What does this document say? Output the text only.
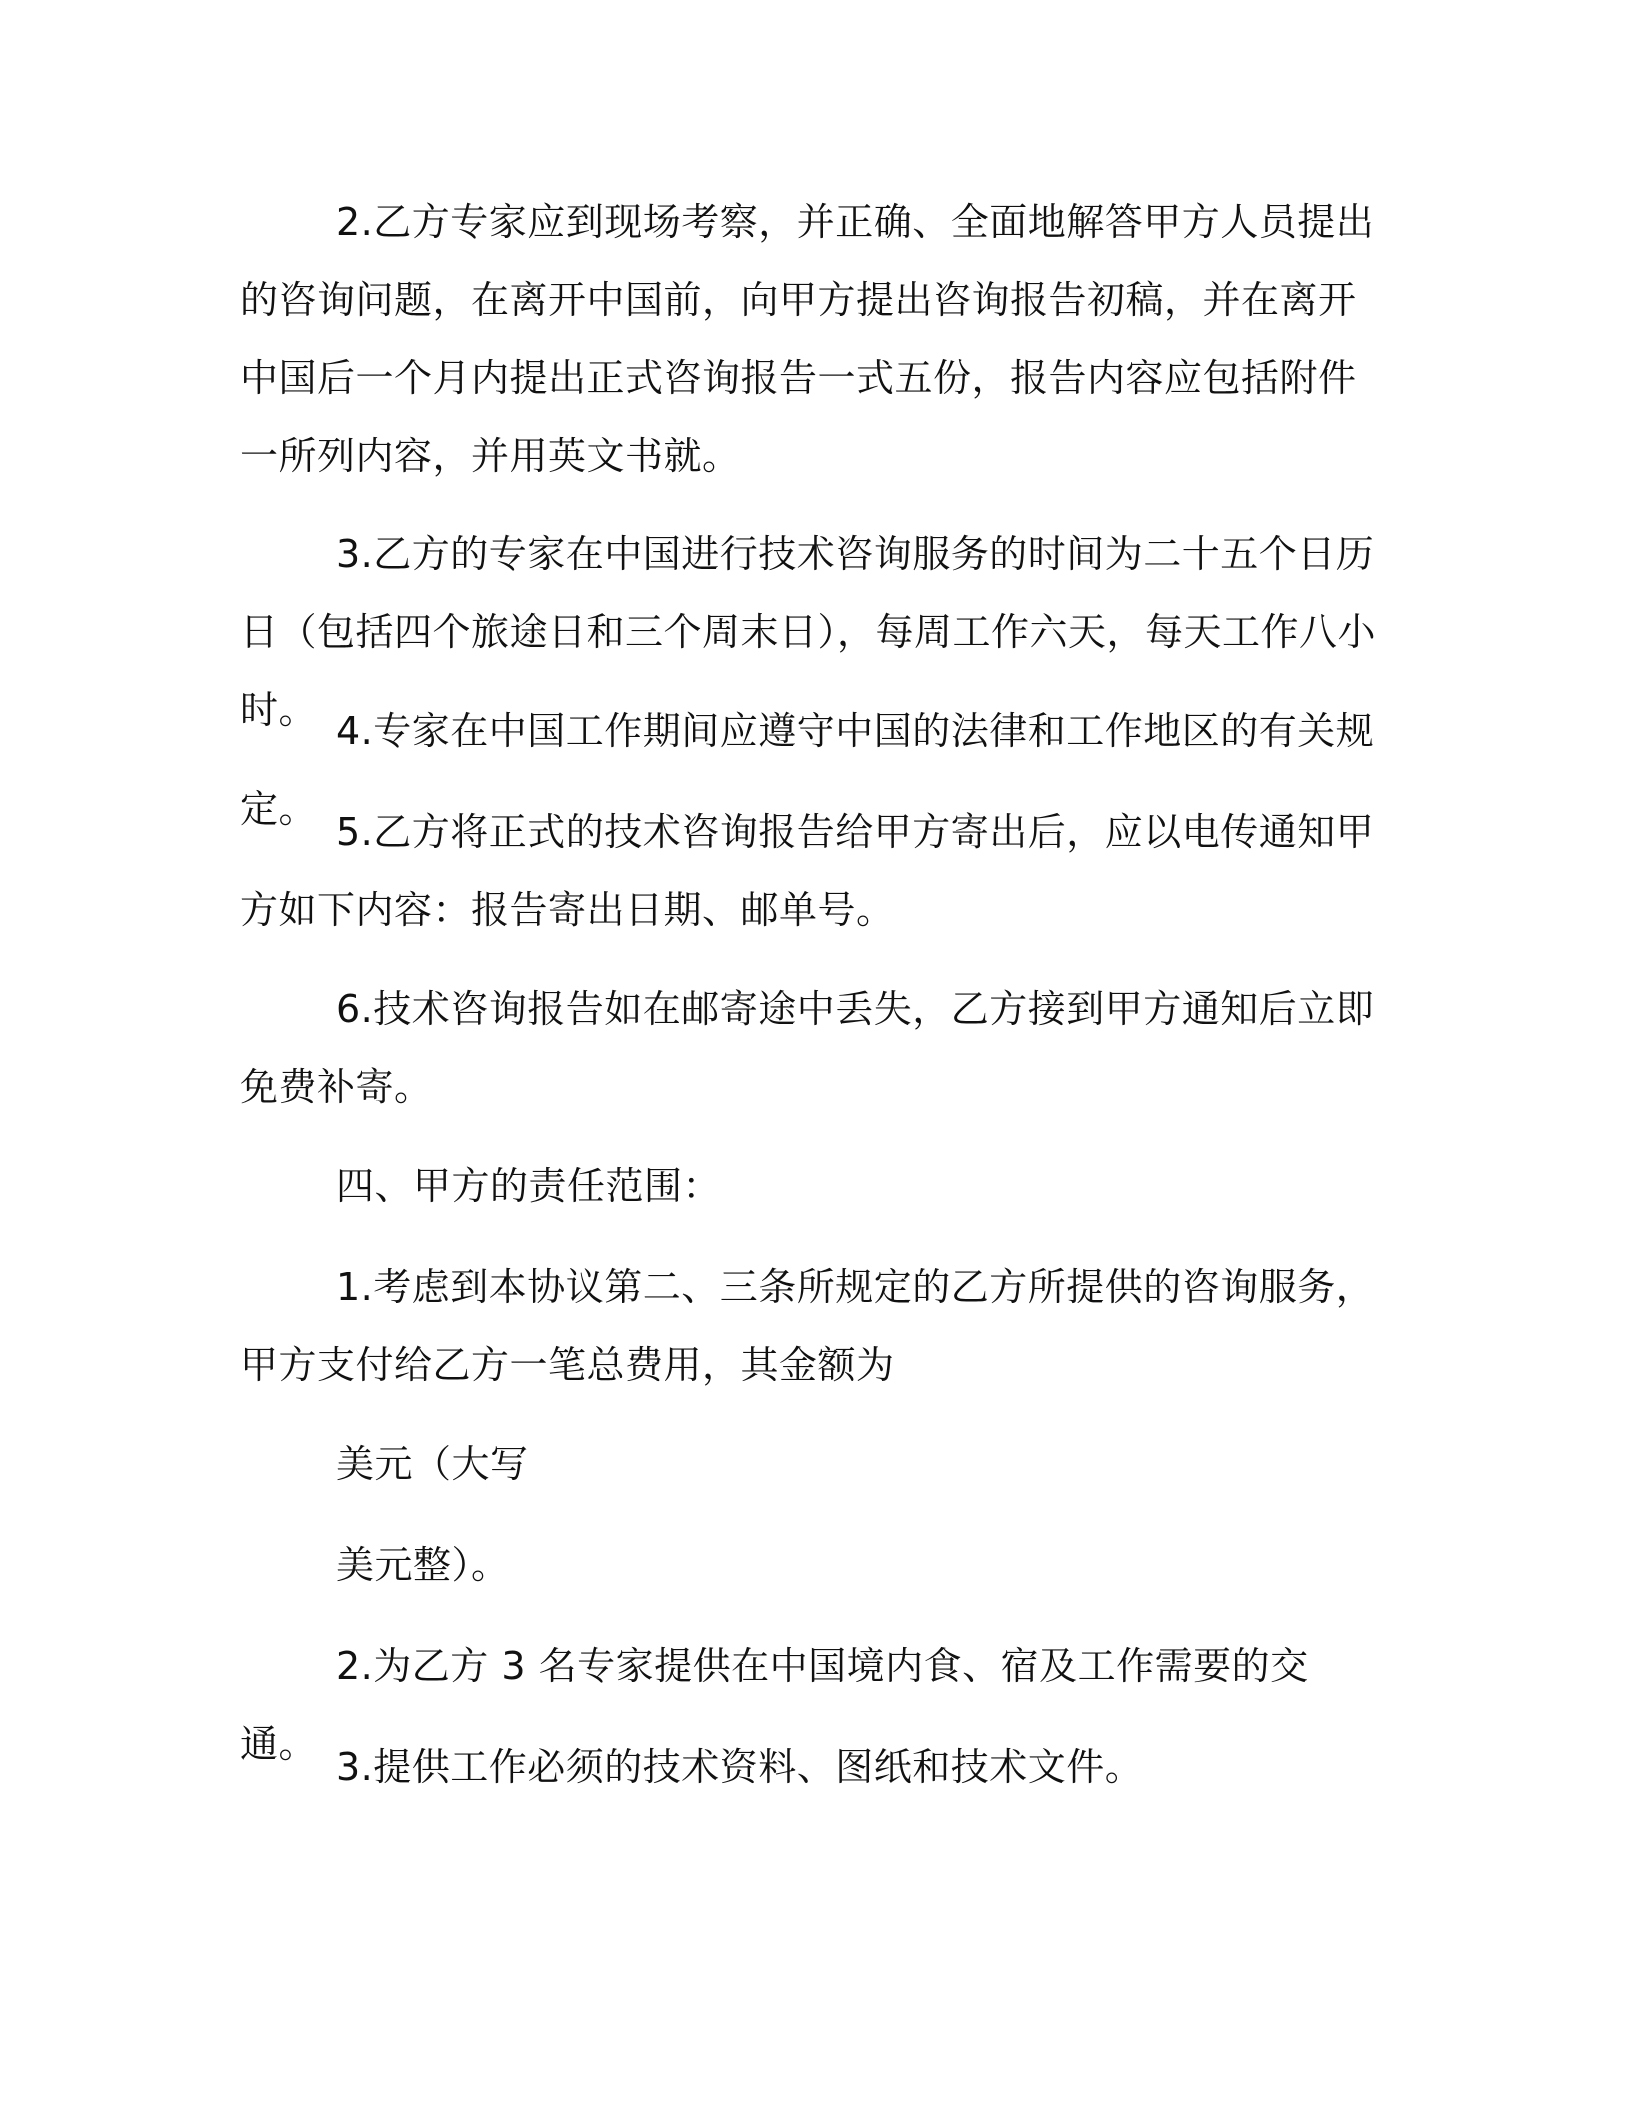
2.乙方专家应到现场考察，并正确、全面地解答甲方人员提出的咨询问题，在离开中国前，向甲方提出咨询报告初稿，并在离开中国后一个月内提出正式咨询报告一式五份，报告内容应包括附件一所列内容，并用英文书就。

3.乙方的专家在中国进行技术咨询服务的时间为二十五个日历日（包括四个旅途日和三个周末日），每周工作六天，每天工作八小时。 4.专家在中国工作期间应遵守中国的法律和工作地区的有关规定。

5.乙方将正式的技术咨询报告给甲方寄出后，应以电传通知甲方如下内容：报告寄出日期、邮单号。

6.技术咨询报告如在邮寄途中丢失，乙方接到甲方通知后立即免费补寄。

四、甲方的责任范围：

1.考虑到本协议第二、三条所规定的乙方所提供的咨询服务，甲方支付给乙方一笔总费用，其金额为

美元（大写

美元整）。

2.为乙方 3 名专家提供在中国境内食、宿及工作需要的交通。

3.提供工作必须的技术资料、图纸和技术文件。
